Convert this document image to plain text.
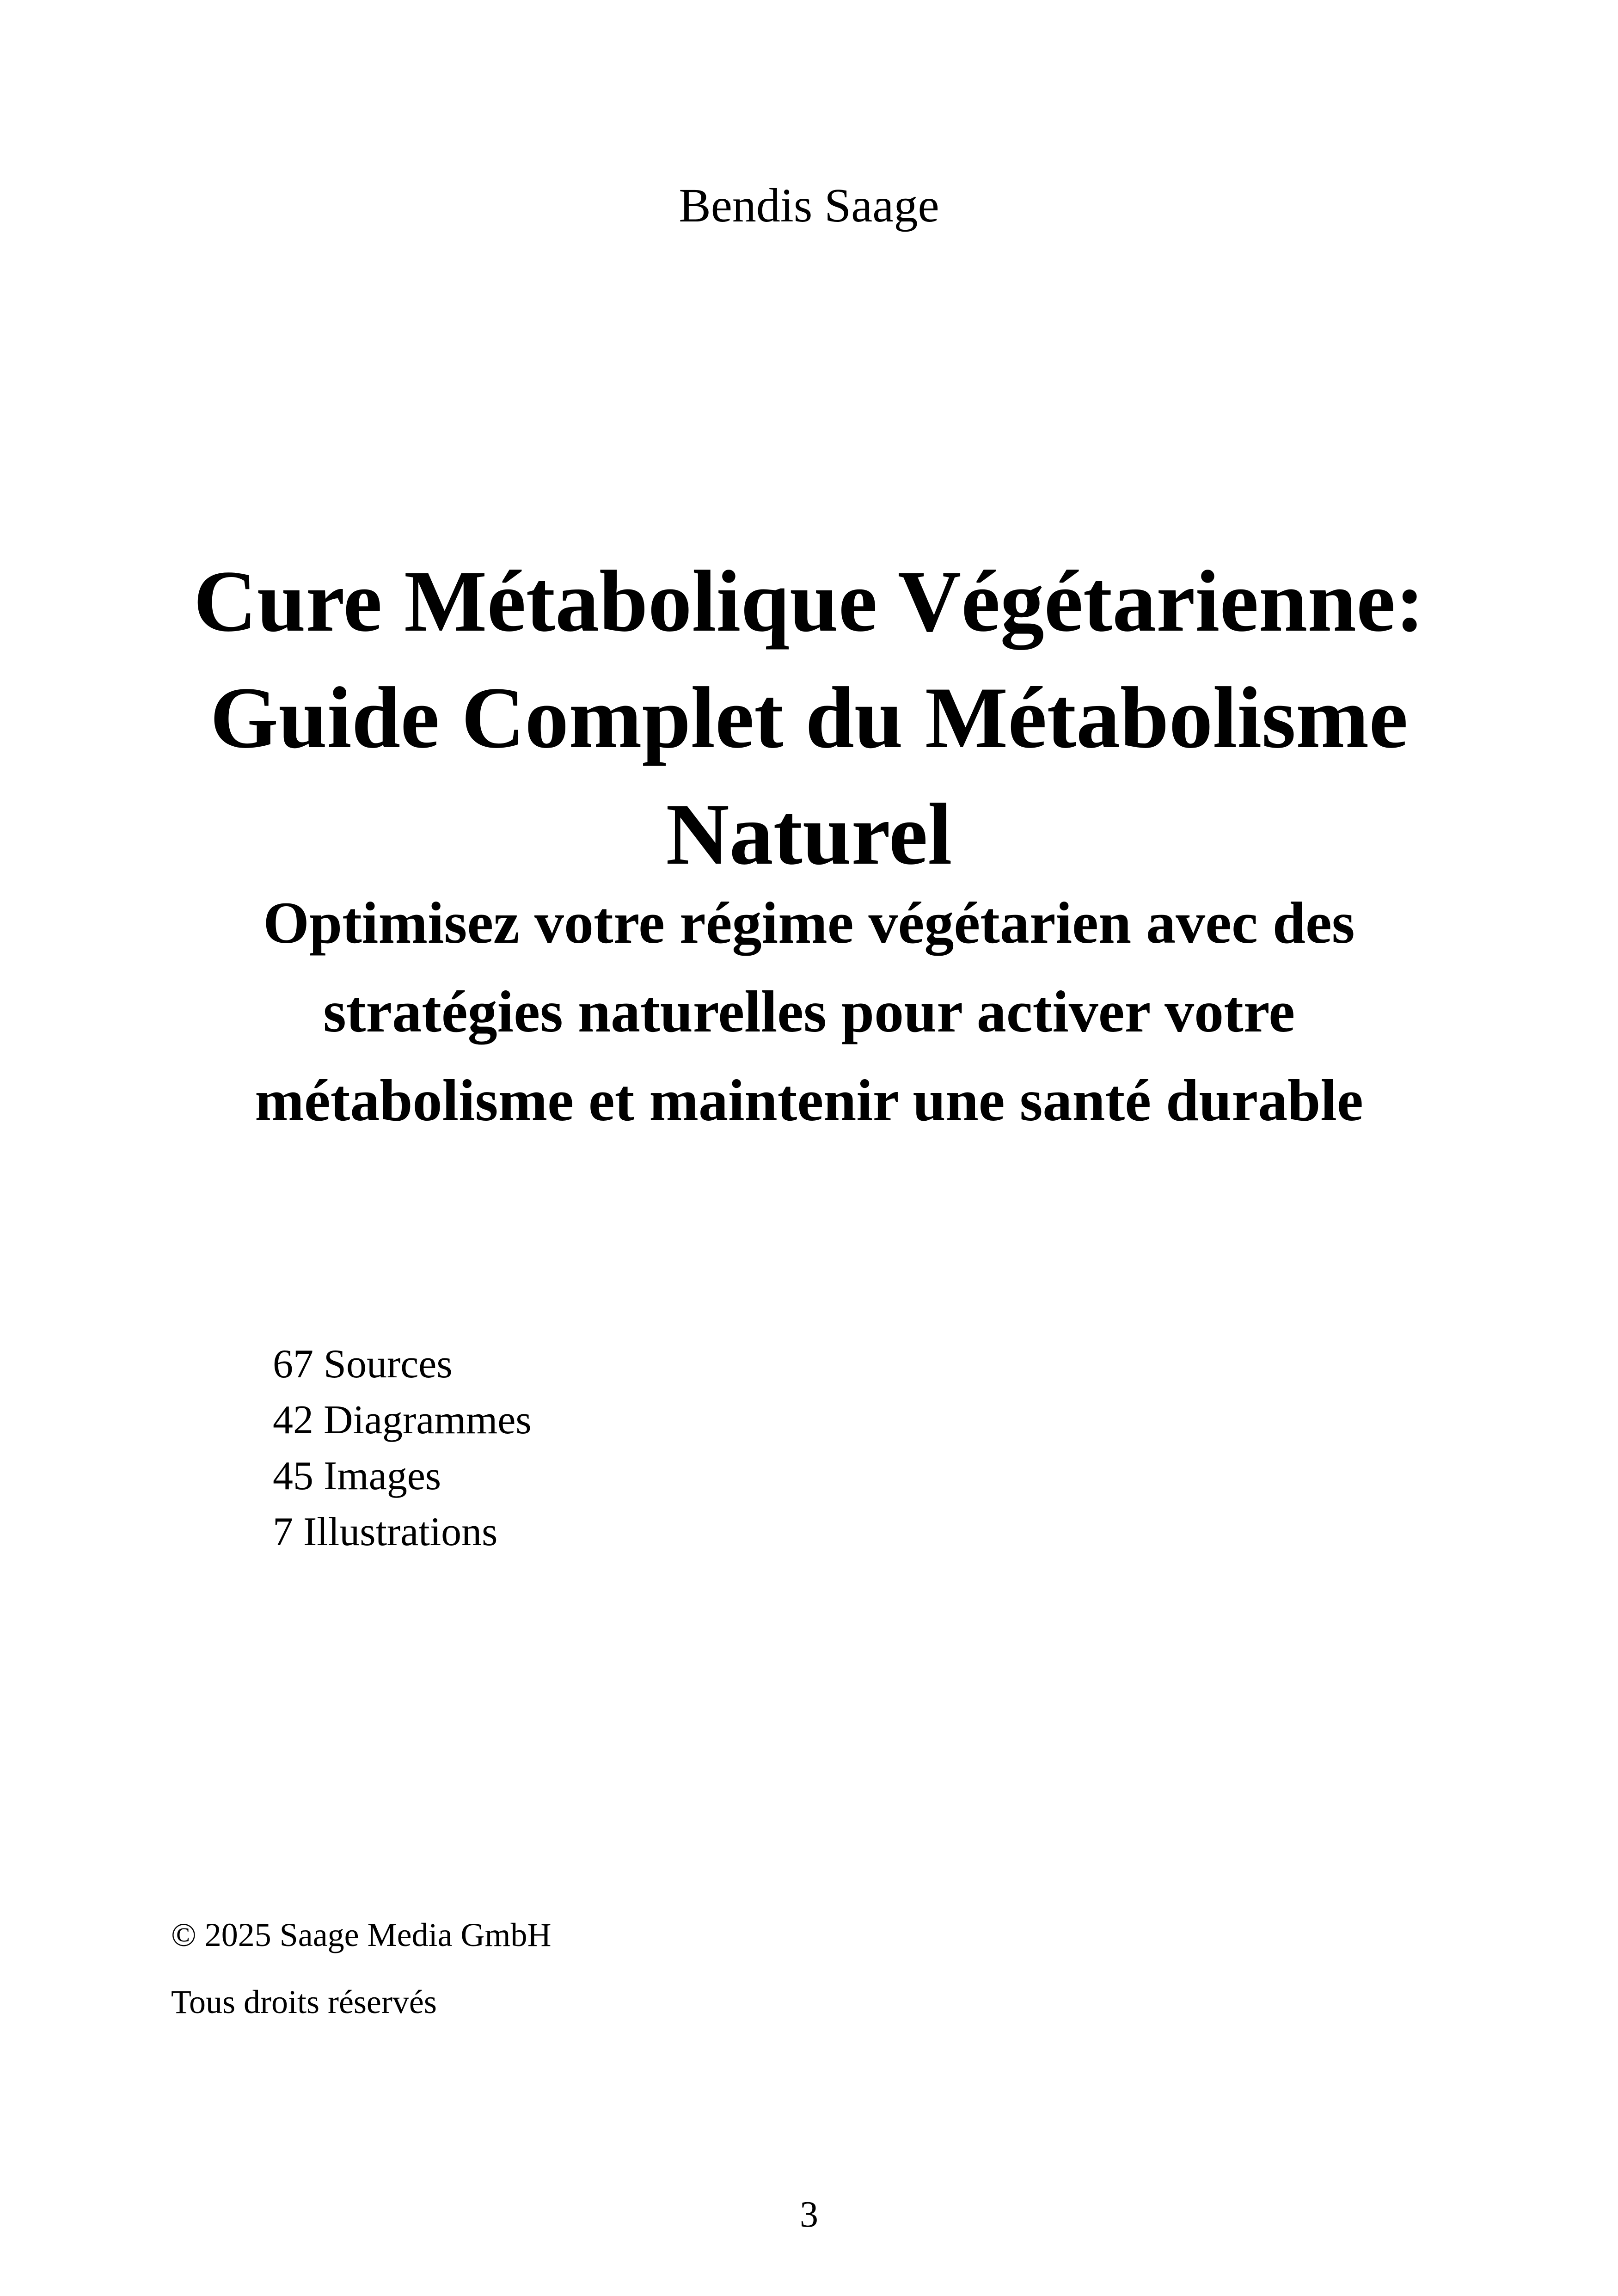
Bendis Saage
Cure Métabolique Végétarienne:
Guide Complet du Métabolisme
Naturel
Optimisez votre régime végétarien avec des
stratégies naturelles pour activer votre
métabolisme et maintenir une santé durable
67 Sources
42 Diagrammes
45 Images
7 Illustrations
© 2025 Saage Media GmbH
Tous droits réservés
3
